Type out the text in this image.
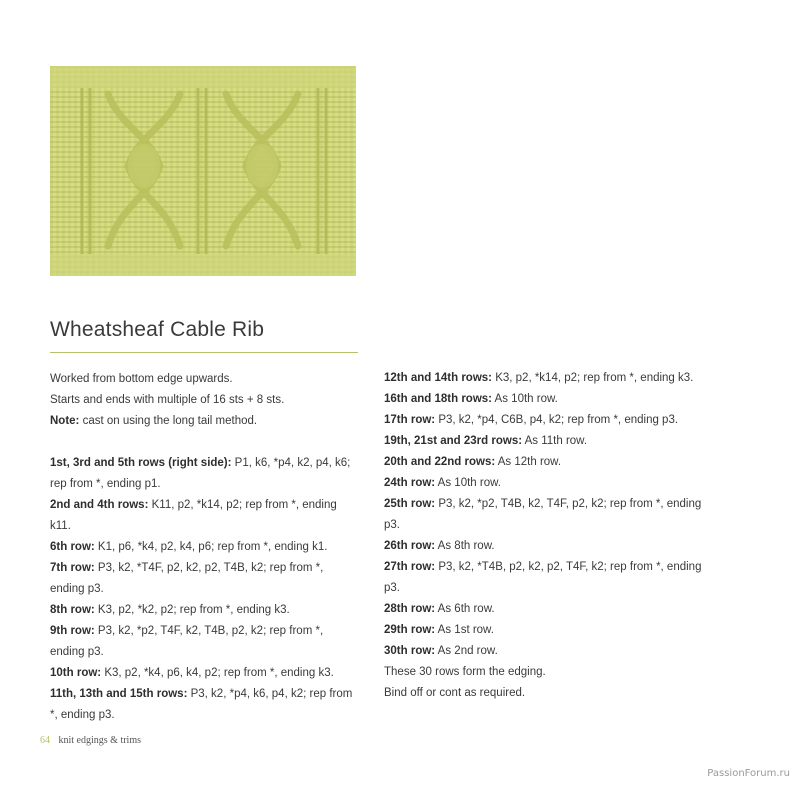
Wheatsheaf Cable Rib

Worked from bottom edge upwards.

Starts and ends with multiple of 16 sts + 8 sts.

Note: cast on using the long tail method.

1st, 3rd and 5th rows (right side): P1, k6, *p4, k2, p4, k6; rep from *, ending p1.

2nd and 4th rows: K11, p2, *k14, p2; rep from *, ending k11.

6th row: K1, p6, *k4, p2, k4, p6; rep from *, ending k1.

7th row: P3, k2, *T4F, p2, k2, p2, T4B, k2; rep from *, ending p3.

8th row: K3, p2, *k2, p2; rep from *, ending k3.

9th row: P3, k2, *p2, T4F, k2, T4B, p2, k2; rep from *, ending p3.

10th row: K3, p2, *k4, p6, k4, p2; rep from *, ending k3.

11th, 13th and 15th rows: P3, k2, *p4, k6, p4, k2; rep from *, ending p3.

12th and 14th rows: K3, p2, *k14, p2; rep from *, ending k3.

16th and 18th rows: As 10th row.

17th row: P3, k2, *p4, C6B, p4, k2; rep from *, ending p3.

19th, 21st and 23rd rows: As 11th row.

20th and 22nd rows: As 12th row.

24th row: As 10th row.

25th row: P3, k2, *p2, T4B, k2, T4F, p2, k2; rep from *, ending p3.

26th row: As 8th row.

27th row: P3, k2, *T4B, p2, k2, p2, T4F, k2; rep from *, ending p3.

28th row: As 6th row.

29th row: As 1st row.

30th row: As 2nd row.

These 30 rows form the edging.

Bind off or cont as required.

64 knit edgings & trims
PassionForum.ru
